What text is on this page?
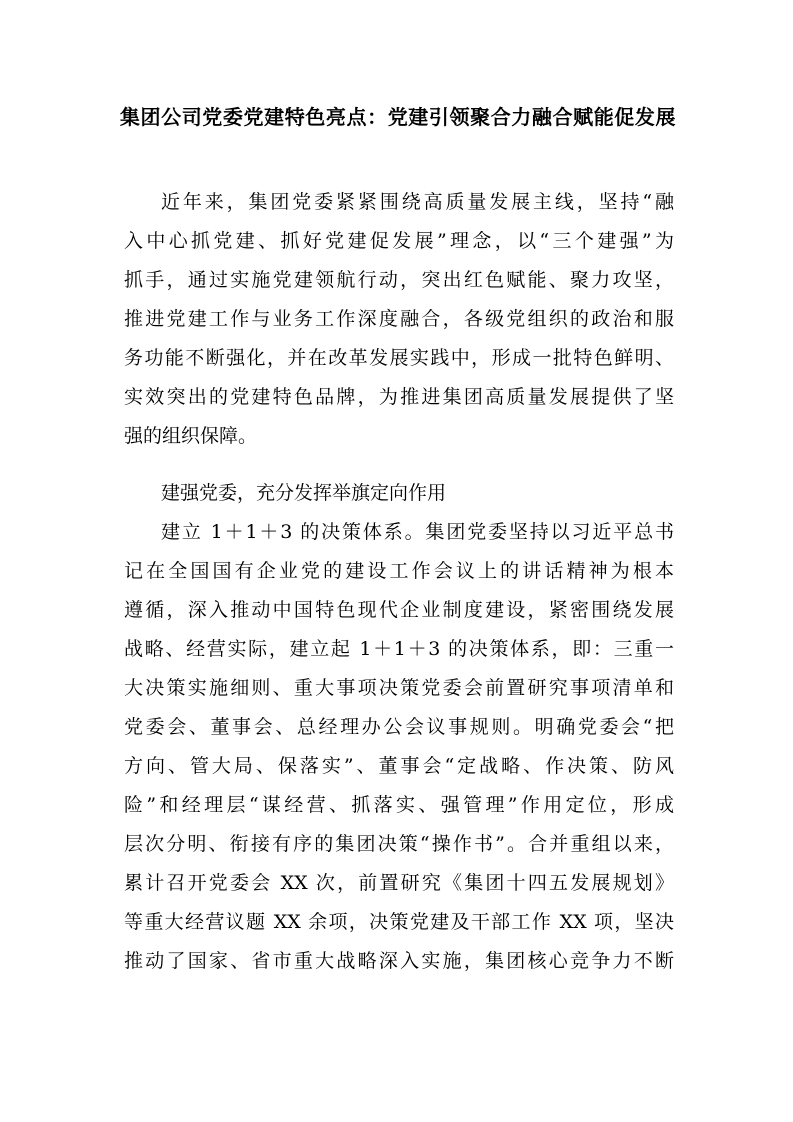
集团公司党委党建特色亮点：党建引领聚合力融合赋能促发展

近年来，集团党委紧紧围绕高质量发展主线，坚持“融

入中心抓党建、抓好党建促发展”理念，以“三个建强”为

抓手，通过实施党建领航行动，突出红色赋能、聚力攻坚，

推进党建工作与业务工作深度融合，各级党组织的政治和服

务功能不断强化，并在改革发展实践中，形成一批特色鲜明、

实效突出的党建特色品牌，为推进集团高质量发展提供了坚

强的组织保障。

建强党委，充分发挥举旗定向作用

建立 1＋1＋3 的决策体系。集团党委坚持以习近平总书

记在全国国有企业党的建设工作会议上的讲话精神为根本

遵循，深入推动中国特色现代企业制度建设，紧密围绕发展

战略、经营实际，建立起 1＋1＋3 的决策体系，即：三重一

大决策实施细则、重大事项决策党委会前置研究事项清单和

党委会、董事会、总经理办公会议事规则。明确党委会“把

方向、管大局、保落实”、董事会“定战略、作决策、防风

险”和经理层“谋经营、抓落实、强管理”作用定位，形成

层次分明、衔接有序的集团决策“操作书”。合并重组以来，

累计召开党委会 XX 次，前置研究《集团十四五发展规划》

等重大经营议题 XX 余项，决策党建及干部工作 XX 项，坚决

推动了国家、省市重大战略深入实施，集团核心竞争力不断
